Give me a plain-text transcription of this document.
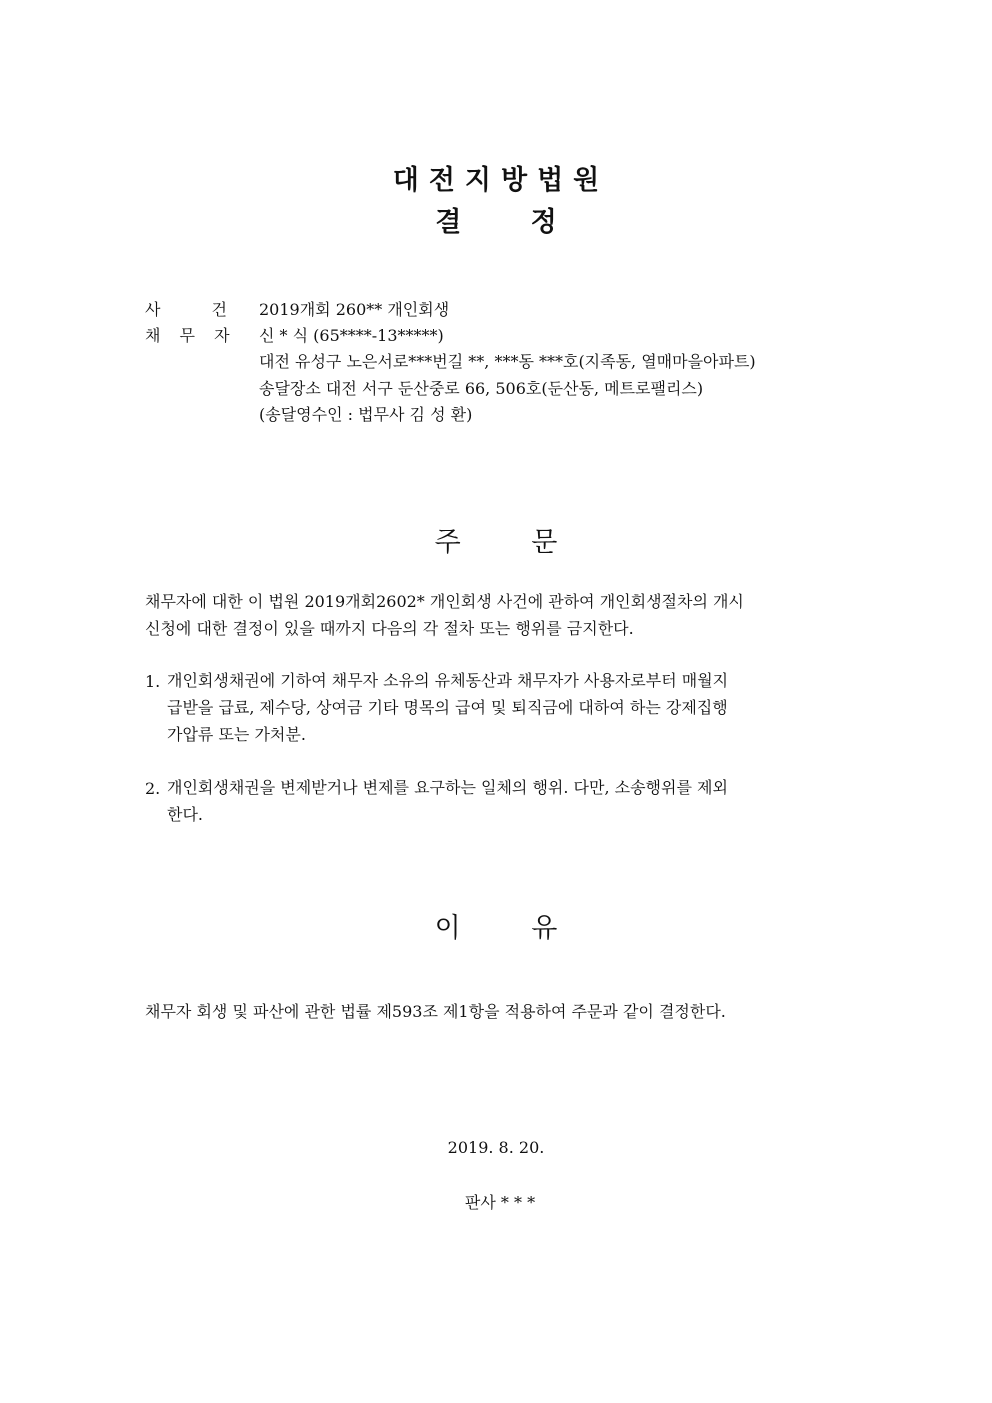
대전지방법원
결 정
사 건 2019개회 260** 개인회생
채 무 자 신 * 식 (65****-13*****)
대전 유성구 노은서로***번길 **, ***동 ***호(지족동, 열매마을아파트)
송달장소 대전 서구 둔산중로 66, 506호(둔산동, 메트로팰리스)
(송달영수인 : 법무사 김 성 환)
주 문
채무자에 대한 이 법원 2019개회2602* 개인회생 사건에 관하여 개인회생절차의 개시
신청에 대한 결정이 있을 때까지 다음의 각 절차 또는 행위를 금지한다.
1. 개인회생채권에 기하여 채무자 소유의 유체동산과 채무자가 사용자로부터 매월지
급받을 급료, 제수당, 상여금 기타 명목의 급여 및 퇴직금에 대하여 하는 강제집행
가압류 또는 가처분.
2. 개인회생채권을 변제받거나 변제를 요구하는 일체의 행위. 다만, 소송행위를 제외
한다.
이 유
채무자 회생 및 파산에 관한 법률 제593조 제1항을 적용하여 주문과 같이 결정한다.
2019. 8. 20.
판사 * * *
